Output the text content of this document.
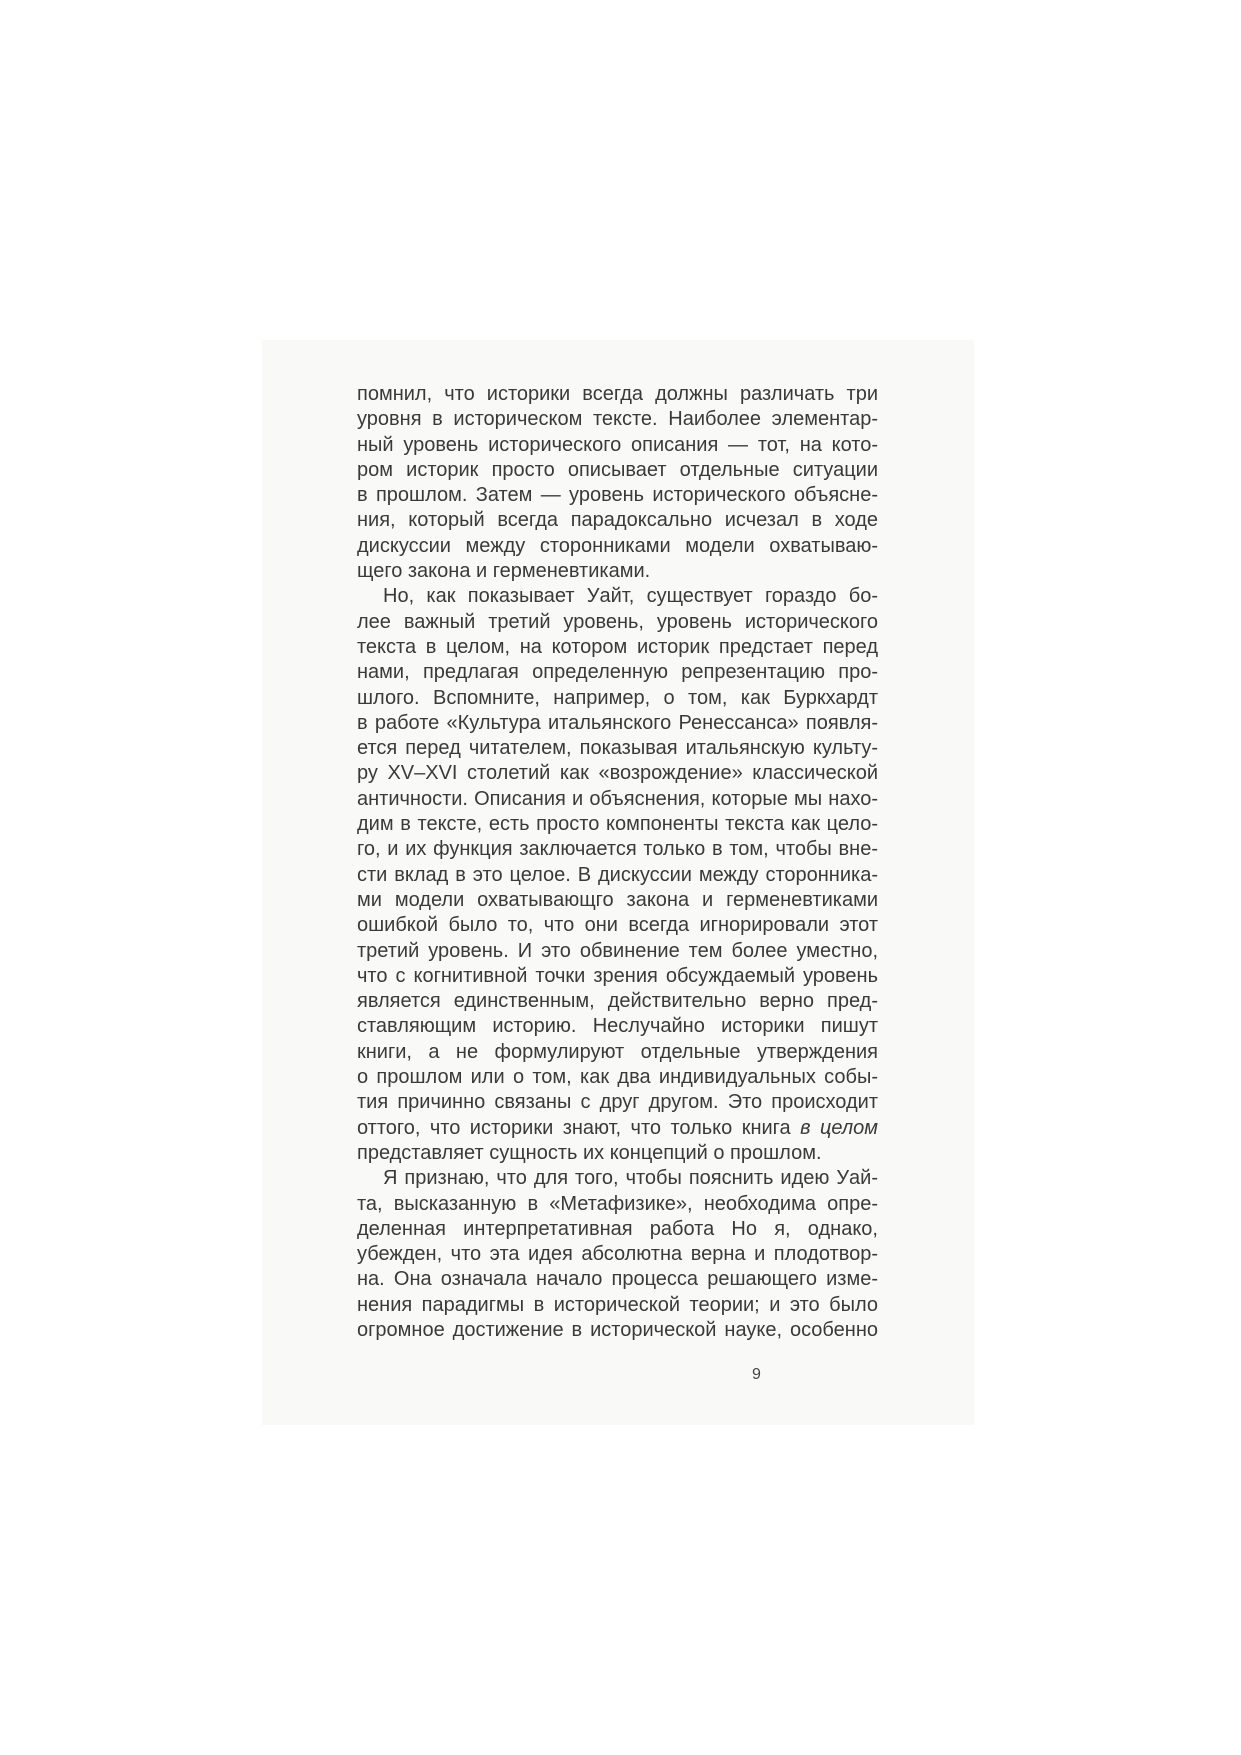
помнил, что историки всегда должны различать три
уровня в историческом тексте. Наиболее элементар-
ный уровень исторического описания — тот, на кото-
ром историк просто описывает отдельные ситуации
в прошлом. Затем — уровень исторического объясне-
ния, который всегда парадоксально исчезал в ходе
дискуссии между сторонниками модели охватываю-
щего закона и герменевтиками.
Но, как показывает Уайт, существует гораздо бо-
лее важный третий уровень, уровень исторического
текста в целом, на котором историк предстает перед
нами, предлагая определенную репрезентацию про-
шлого. Вспомните, например, о том, как Буркхардт
в работе «Культура итальянского Ренессанса» появля-
ется перед читателем, показывая итальянскую культу-
ру XV–XVI столетий как «возрождение» классической
античности. Описания и объяснения, которые мы нахо-
дим в тексте, есть просто компоненты текста как цело-
го, и их функция заключается только в том, чтобы вне-
сти вклад в это целое. В дискуссии между сторонника-
ми модели охватывающго закона и герменевтиками
ошибкой было то, что они всегда игнорировали этот
третий уровень. И это обвинение тем более уместно,
что с когнитивной точки зрения обсуждаемый уровень
является единственным, действительно верно пред-
ставляющим историю. Неслучайно историки пишут
книги, а не формулируют отдельные утверждения
о прошлом или о том, как два индивидуальных собы-
тия причинно связаны с друг другом. Это происходит
оттого, что историки знают, что только книга в целом
представляет сущность их концепций о прошлом.
Я признаю, что для того, чтобы пояснить идею Уай-
та, высказанную в «Метафизике», необходима опре-
деленная интерпретативная работа Но я, однако,
убежден, что эта идея абсолютна верна и плодотвор-
на. Она означала начало процесса решающего изме-
нения парадигмы в исторической теории; и это было
огромное достижение в исторической науке, особенно
9
